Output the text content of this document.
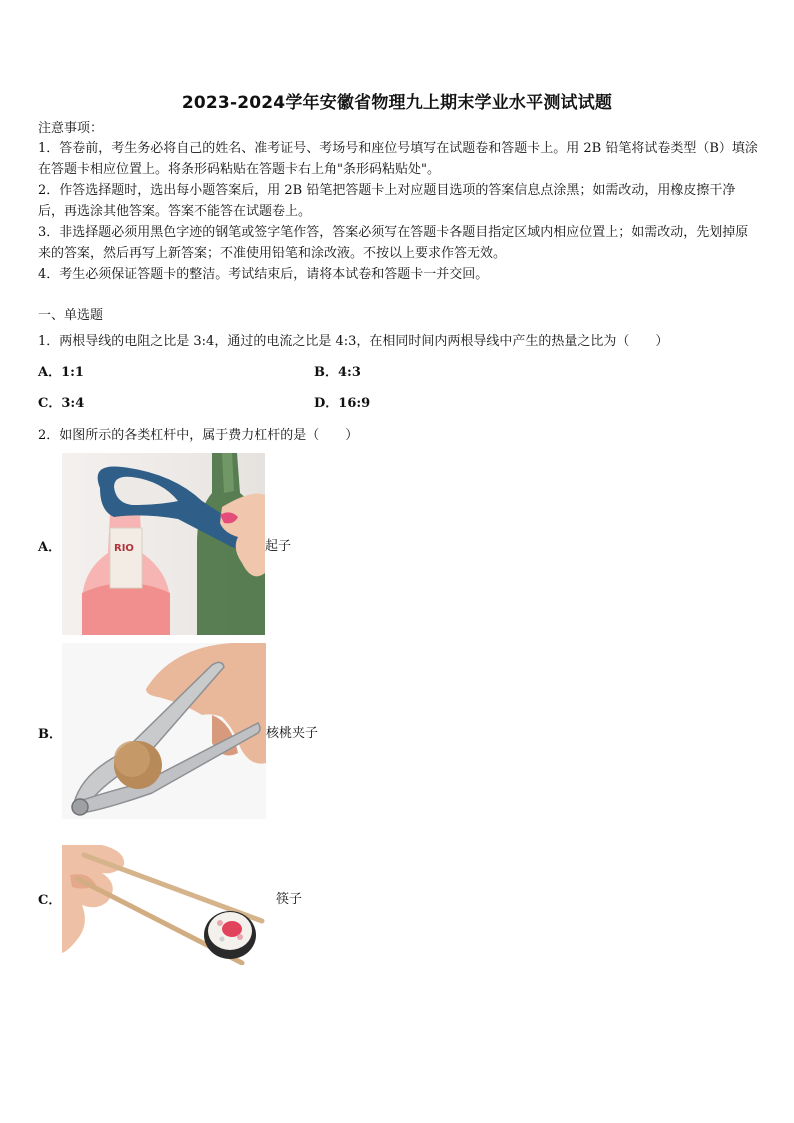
2023-2024学年安徽省物理九上期末学业水平测试试题
注意事项：
1．答卷前，考生务必将自己的姓名、准考证号、考场号和座位号填写在试题卷和答题卡上。用 2B 铅笔将试卷类型（B）填涂在答题卡相应位置上。将条形码粘贴在答题卡右上角"条形码粘贴处"。
2．作答选择题时，选出每小题答案后，用 2B 铅笔把答题卡上对应题目选项的答案信息点涂黑；如需改动，用橡皮擦干净后，再选涂其他答案。答案不能答在试题卷上。
3．非选择题必须用黑色字迹的钢笔或签字笔作答，答案必须写在答题卡各题目指定区域内相应位置上；如需改动，先划掉原来的答案，然后再写上新答案；不准使用铅笔和涂改液。不按以上要求作答无效。
4．考生必须保证答题卡的整洁。考试结束后，请将本试卷和答题卡一并交回。
一、单选题
1．两根导线的电阻之比是 3:4，通过的电流之比是 4:3，在相同时间内两根导线中产生的热量之比为（　　）
A．1:1	B．4:3
C．3:4	D．16:9
2．如图所示的各类杠杆中，属于费力杠杆的是（　　）
A．	RIO	起子
B．	核桃夹子
C．	筷子
